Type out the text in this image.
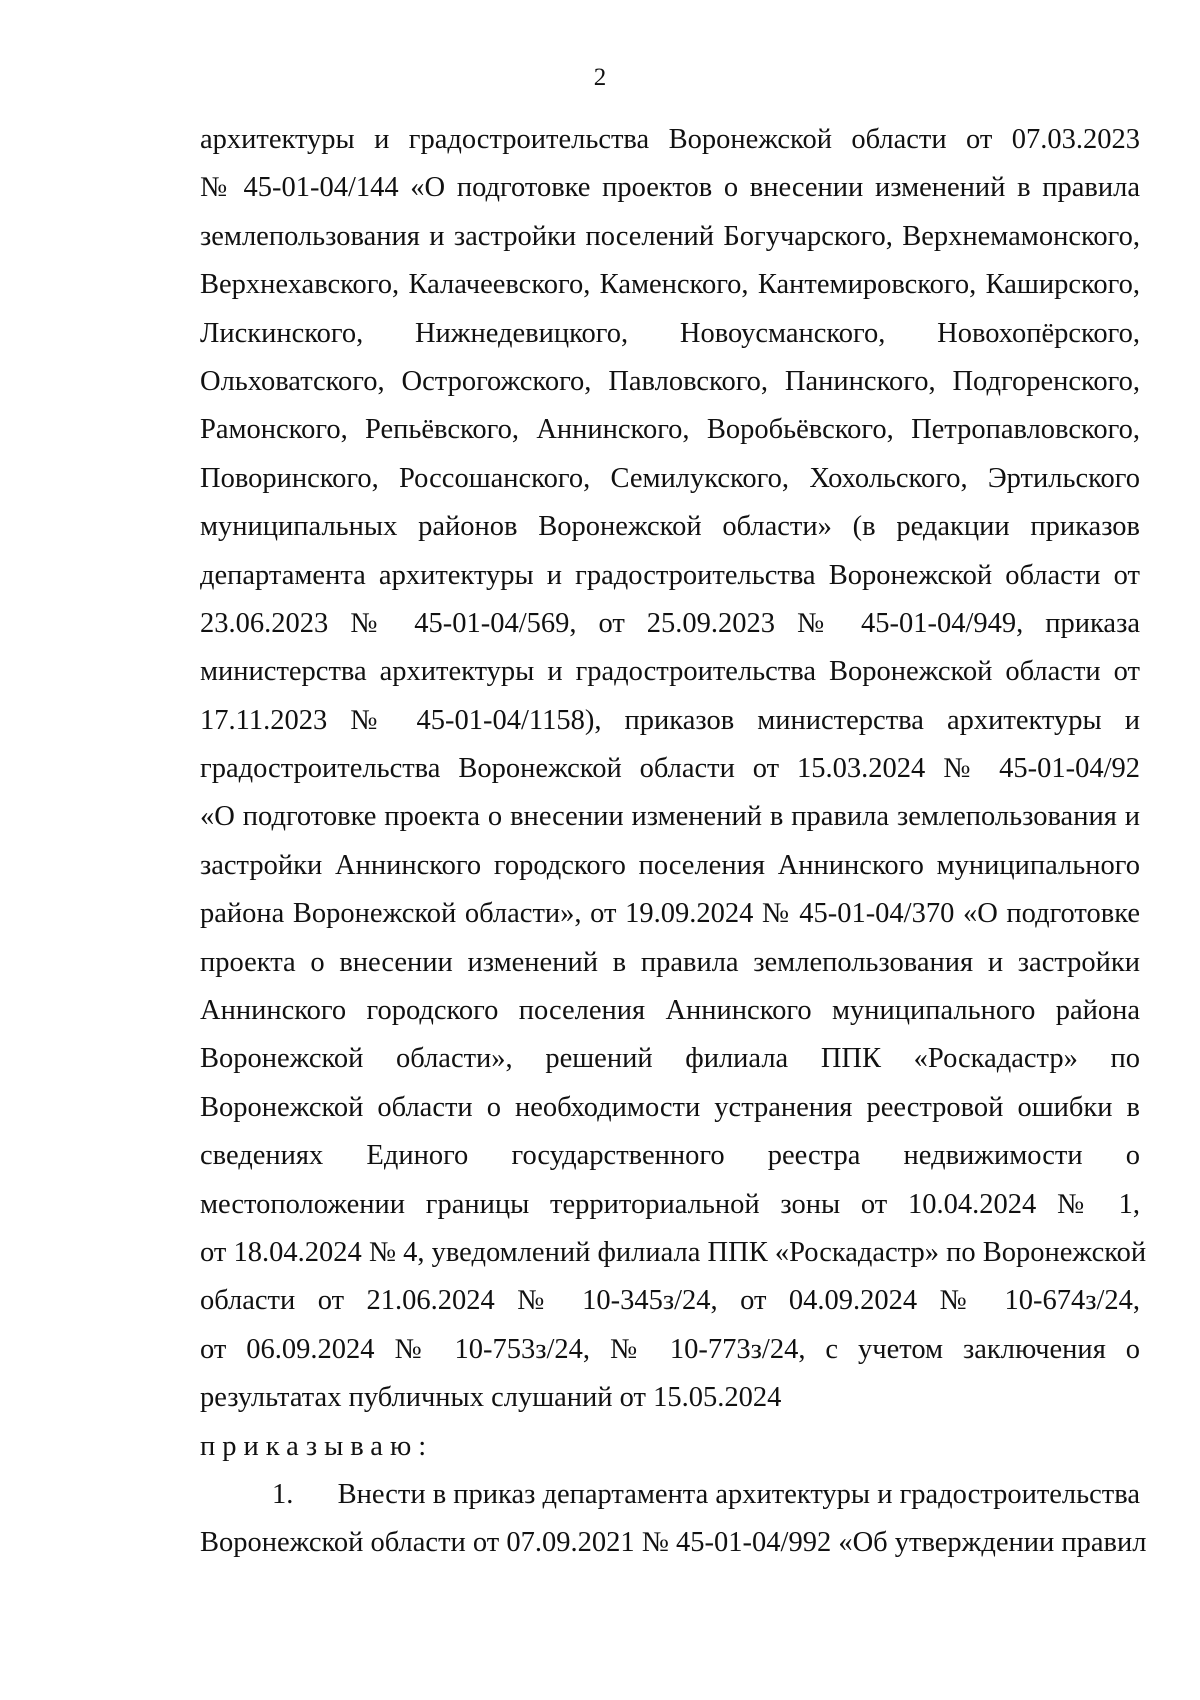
2
архитектуры и градостроительства Воронежской области от 07.03.2023
№ 45-01-04/144 «О подготовке проектов о внесении изменений в правила
землепользования и застройки поселений Богучарского, Верхнемамонского,
Верхнехавского, Калачеевского, Каменского, Кантемировского, Каширского,
Лискинского, Нижнедевицкого, Новоусманского, Новохопёрского,
Ольховатского, Острогожского, Павловского, Панинского, Подгоренского,
Рамонского, Репьёвского, Аннинского, Воробьёвского, Петропавловского,
Поворинского, Россошанского, Семилукского, Хохольского, Эртильского
муниципальных районов Воронежской области» (в редакции приказов
департамента архитектуры и градостроительства Воронежской области от
23.06.2023 № 45-01-04/569, от 25.09.2023 № 45-01-04/949, приказа
министерства архитектуры и градостроительства Воронежской области от
17.11.2023 № 45-01-04/1158), приказов министерства архитектуры и
градостроительства Воронежской области от 15.03.2024 № 45-01-04/92
«О подготовке проекта о внесении изменений в правила землепользования и
застройки Аннинского городского поселения Аннинского муниципального
района Воронежской области», от 19.09.2024 № 45-01-04/370 «О подготовке
проекта о внесении изменений в правила землепользования и застройки
Аннинского городского поселения Аннинского муниципального района
Воронежской области», решений филиала ППК «Роскадастр» по
Воронежской области о необходимости устранения реестровой ошибки в
сведениях Единого государственного реестра недвижимости о
местоположении границы территориальной зоны от 10.04.2024 № 1,
от 18.04.2024 № 4, уведомлений филиала ППК «Роскадастр» по Воронежской
области от 21.06.2024 № 10-345з/24, от 04.09.2024 № 10-674з/24,
от 06.09.2024 № 10-753з/24, № 10-773з/24, с учетом заключения о
результатах публичных слушаний от 15.05.2024
приказываю:
1.	Внести в приказ департамента архитектуры и градостроительства
Воронежской области от 07.09.2021 № 45-01-04/992 «Об утверждении правил
